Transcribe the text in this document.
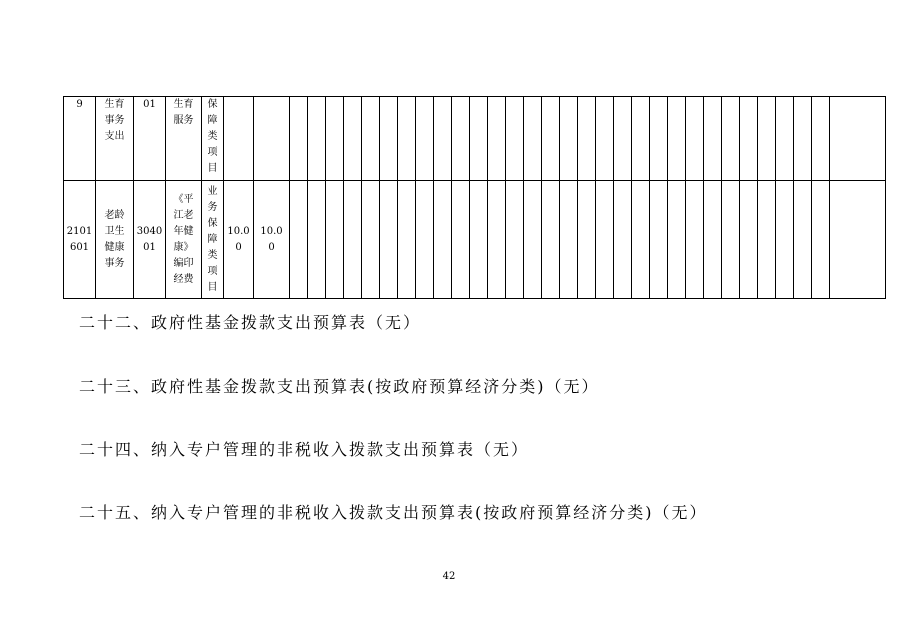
9	生育事务支出	01	生育服务	保障类项目																																	

2101601	老龄卫生健康事务	304001	《平江老年健康》编印经费	业务保障类项目	10.00	10.00																															

二十二、政府性基金拨款支出预算表（无）
二十三、政府性基金拨款支出预算表(按政府预算经济分类)（无）
二十四、纳入专户管理的非税收入拨款支出预算表（无）
二十五、纳入专户管理的非税收入拨款支出预算表(按政府预算经济分类)（无）
42
